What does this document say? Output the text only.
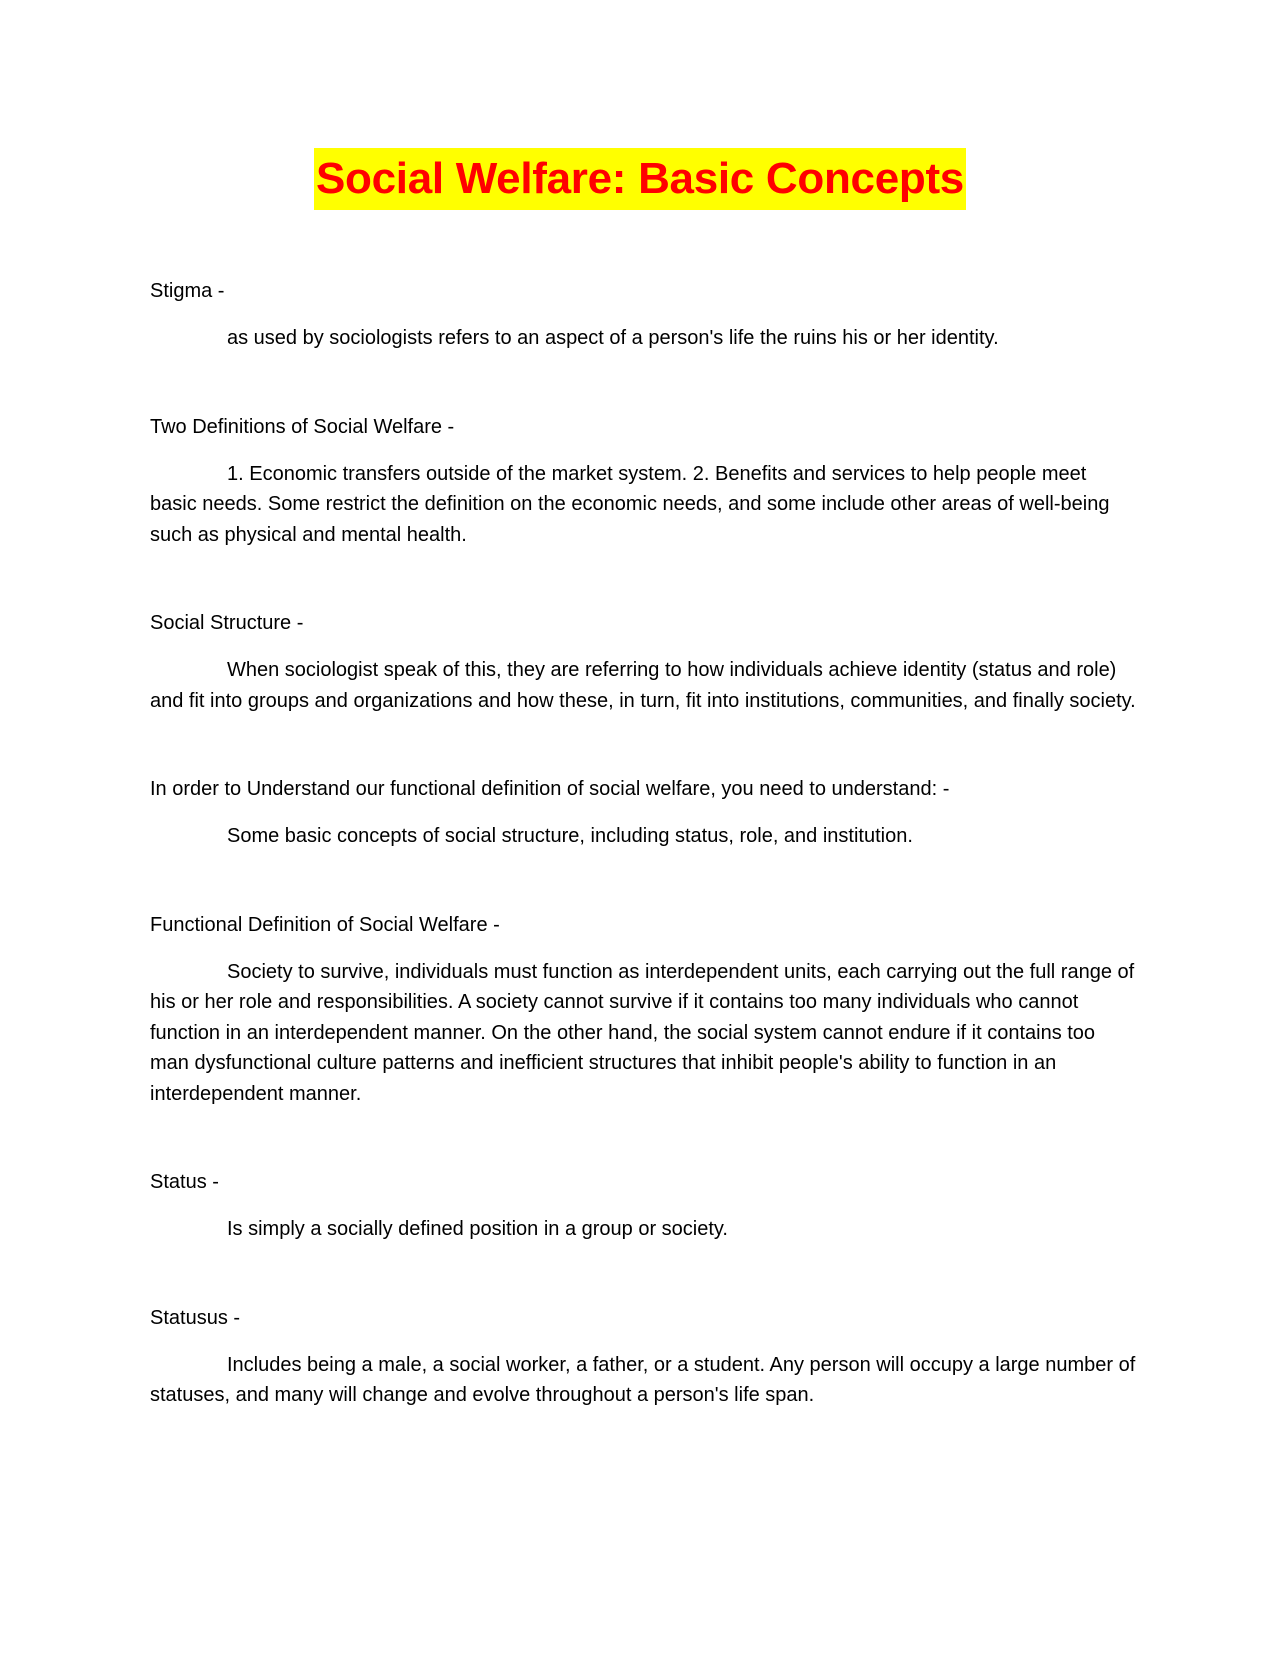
Social Welfare: Basic Concepts

Stigma -

as used by sociologists refers to an aspect of a person's life the ruins his or her identity.

Two Definitions of Social Welfare -

1. Economic transfers outside of the market system. 2. Benefits and services to help people meet basic needs. Some restrict the definition on the economic needs, and some include other areas of well-being such as physical and mental health.

Social Structure -

When sociologist speak of this, they are referring to how individuals achieve identity (status and role) and fit into groups and organizations and how these, in turn, fit into institutions, communities, and finally society.

In order to Understand our functional definition of social welfare, you need to understand: -

Some basic concepts of social structure, including status, role, and institution.

Functional Definition of Social Welfare -

Society to survive, individuals must function as interdependent units, each carrying out the full range of his or her role and responsibilities. A society cannot survive if it contains too many individuals who cannot function in an interdependent manner. On the other hand, the social system cannot endure if it contains too man dysfunctional culture patterns and inefficient structures that inhibit people's ability to function in an interdependent manner.

Status -

Is simply a socially defined position in a group or society.

Statusus -

Includes being a male, a social worker, a father, or a student. Any person will occupy a large number of statuses, and many will change and evolve throughout a person's life span.
